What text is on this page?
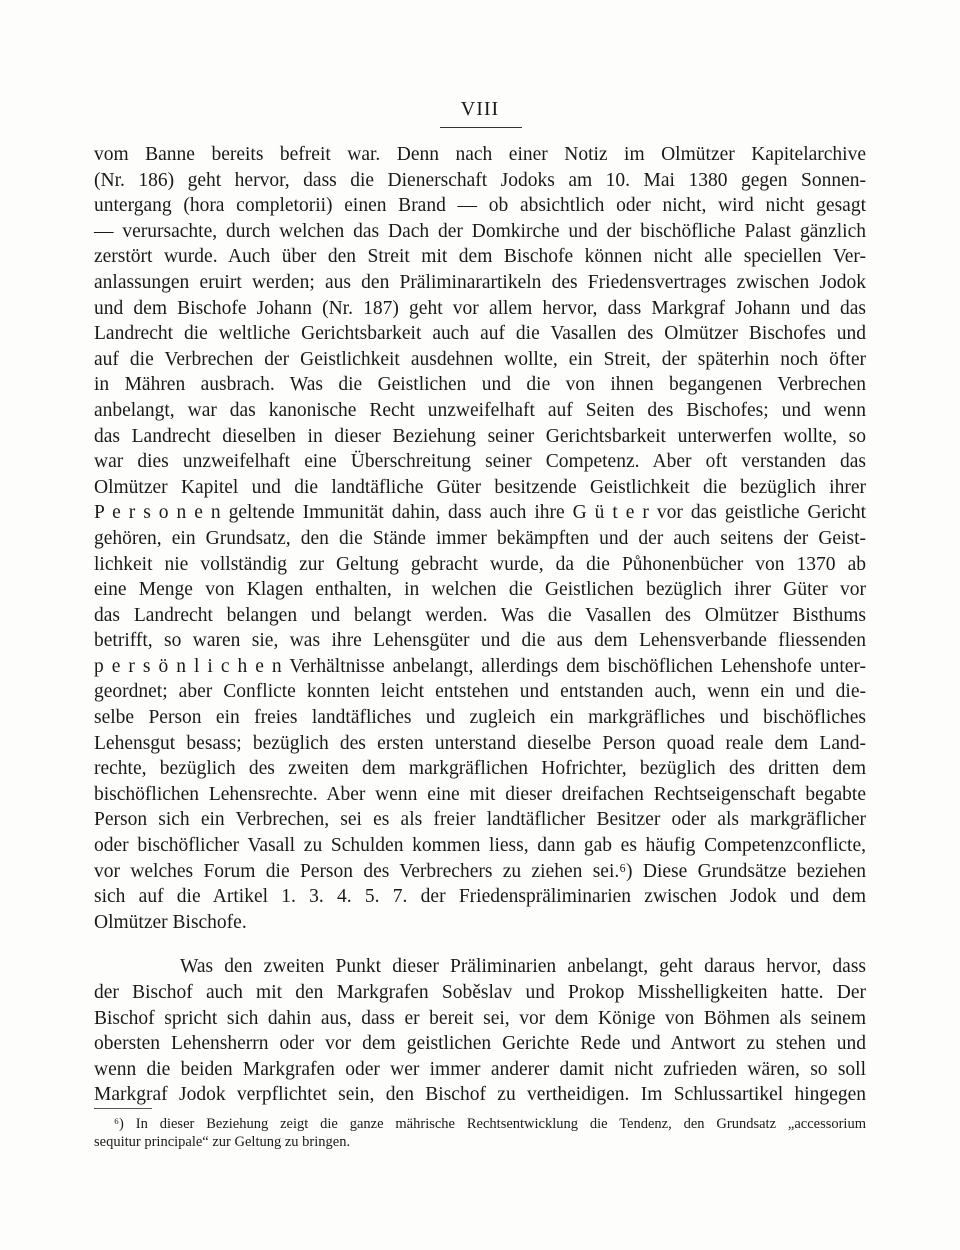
VIII
vom Banne bereits befreit war. Denn nach einer Notiz im Olmützer Kapitelarchive
(Nr. 186) geht hervor, dass die Dienerschaft Jodoks am 10. Mai 1380 gegen Sonnen-
untergang (hora completorii) einen Brand — ob absichtlich oder nicht, wird nicht gesagt
— verursachte, durch welchen das Dach der Domkirche und der bischöfliche Palast gänzlich
zerstört wurde. Auch über den Streit mit dem Bischofe können nicht alle speciellen Ver-
anlassungen eruirt werden; aus den Präliminarartikeln des Friedensvertrages zwischen Jodok
und dem Bischofe Johann (Nr. 187) geht vor allem hervor, dass Markgraf Johann und das
Landrecht die weltliche Gerichtsbarkeit auch auf die Vasallen des Olmützer Bischofes und
auf die Verbrechen der Geistlichkeit ausdehnen wollte, ein Streit, der späterhin noch öfter
in Mähren ausbrach. Was die Geistlichen und die von ihnen begangenen Verbrechen
anbelangt, war das kanonische Recht unzweifelhaft auf Seiten des Bischofes; und wenn
das Landrecht dieselben in dieser Beziehung seiner Gerichtsbarkeit unterwerfen wollte, so
war dies unzweifelhaft eine Überschreitung seiner Competenz. Aber oft verstanden das
Olmützer Kapitel und die landtäfliche Güter besitzende Geistlichkeit die bezüglich ihrer
P e r s o n e n geltende Immunität dahin, dass auch ihre G ü t e r vor das geistliche Gericht
gehören, ein Grundsatz, den die Stände immer bekämpften und der auch seitens der Geist-
lichkeit nie vollständig zur Geltung gebracht wurde, da die Půhonenbücher von 1370 ab
eine Menge von Klagen enthalten, in welchen die Geistlichen bezüglich ihrer Güter vor
das Landrecht belangen und belangt werden. Was die Vasallen des Olmützer Bisthums
betrifft, so waren sie, was ihre Lehensgüter und die aus dem Lehensverbande fliessenden
p e r s ö n l i c h e n Verhältnisse anbelangt, allerdings dem bischöflichen Lehenshofe unter-
geordnet; aber Conflicte konnten leicht entstehen und entstanden auch, wenn ein und die-
selbe Person ein freies landtäfliches und zugleich ein markgräfliches und bischöfliches
Lehensgut besass; bezüglich des ersten unterstand dieselbe Person quoad reale dem Land-
rechte, bezüglich des zweiten dem markgräflichen Hofrichter, bezüglich des dritten dem
bischöflichen Lehensrechte. Aber wenn eine mit dieser dreifachen Rechtseigenschaft begabte
Person sich ein Verbrechen, sei es als freier landtäflicher Besitzer oder als markgräflicher
oder bischöflicher Vasall zu Schulden kommen liess, dann gab es häufig Competenzconflicte,
vor welches Forum die Person des Verbrechers zu ziehen sei.⁶) Diese Grundsätze beziehen
sich auf die Artikel 1. 3. 4. 5. 7. der Friedenspräliminarien zwischen Jodok und dem
Olmützer Bischofe.
Was den zweiten Punkt dieser Präliminarien anbelangt, geht daraus hervor, dass
der Bischof auch mit den Markgrafen Soběslav und Prokop Misshelligkeiten hatte. Der
Bischof spricht sich dahin aus, dass er bereit sei, vor dem Könige von Böhmen als seinem
obersten Lehensherrn oder vor dem geistlichen Gerichte Rede und Antwort zu stehen und
wenn die beiden Markgrafen oder wer immer anderer damit nicht zufrieden wären, so soll
Markgraf Jodok verpflichtet sein, den Bischof zu vertheidigen. Im Schlussartikel hingegen
⁶) In dieser Beziehung zeigt die ganze mährische Rechtsentwicklung die Tendenz, den Grundsatz „accessorium
sequitur principale“ zur Geltung zu bringen.
